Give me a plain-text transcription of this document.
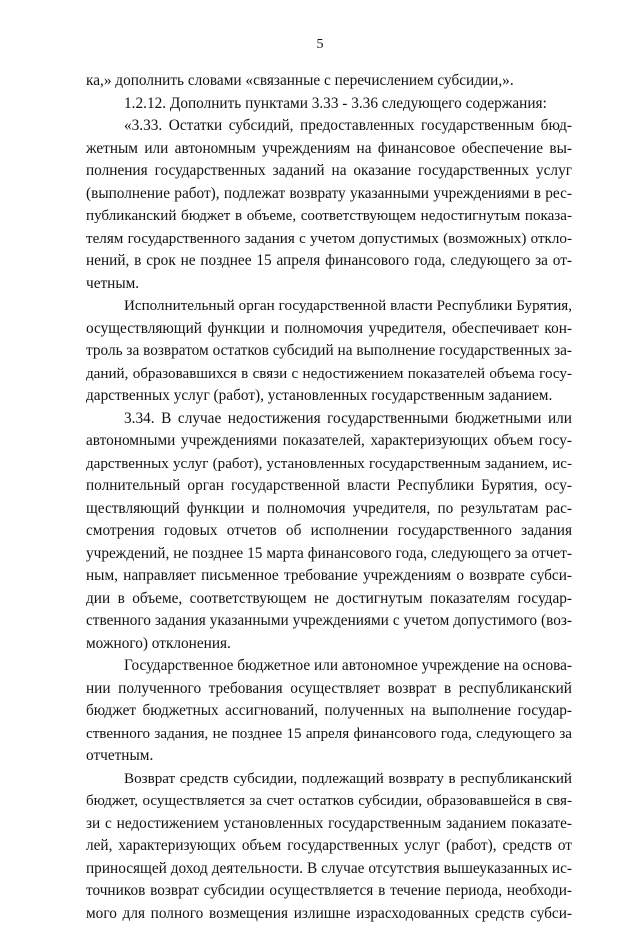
5
ка,» дополнить словами «связанные с перечислением субсидии,».
1.2.12. Дополнить пунктами 3.33 - 3.36 следующего содержания:
«3.33. Остатки субсидий, предоставленных государственным бюд-
жетным или автономным учреждениям на финансовое обеспечение вы-
полнения государственных заданий на оказание государственных услуг
(выполнение работ), подлежат возврату указанными учреждениями в рес-
публиканский бюджет в объеме, соответствующем недостигнутым показа-
телям государственного задания с учетом допустимых (возможных) откло-
нений, в срок не позднее 15 апреля финансового года, следующего за от-
четным.
Исполнительный орган государственной власти Республики Бурятия,
осуществляющий функции и полномочия учредителя, обеспечивает кон-
троль за возвратом остатков субсидий на выполнение государственных за-
даний, образовавшихся в связи с недостижением показателей объема госу-
дарственных услуг (работ), установленных государственным заданием.
3.34. В случае недостижения государственными бюджетными или
автономными учреждениями показателей, характеризующих объем госу-
дарственных услуг (работ), установленных государственным заданием, ис-
полнительный орган государственной власти Республики Бурятия, осу-
ществляющий функции и полномочия учредителя, по результатам рас-
смотрения годовых отчетов об исполнении государственного задания
учреждений, не позднее 15 марта финансового года, следующего за отчет-
ным, направляет письменное требование учреждениям о возврате субси-
дии в объеме, соответствующем не достигнутым показателям государ-
ственного задания указанными учреждениями с учетом допустимого (воз-
можного) отклонения.
Государственное бюджетное или автономное учреждение на основа-
нии полученного требования осуществляет возврат в республиканский
бюджет бюджетных ассигнований, полученных на выполнение государ-
ственного задания, не позднее 15 апреля финансового года, следующего за
отчетным.
Возврат средств субсидии, подлежащий возврату в республиканский
бюджет, осуществляется за счет остатков субсидии, образовавшейся в свя-
зи с недостижением установленных государственным заданием показате-
лей, характеризующих объем государственных услуг (работ), средств от
приносящей доход деятельности. В случае отсутствия вышеуказанных ис-
точников возврат субсидии осуществляется в течение периода, необходи-
мого для полного возмещения излишне израсходованных средств субси-
